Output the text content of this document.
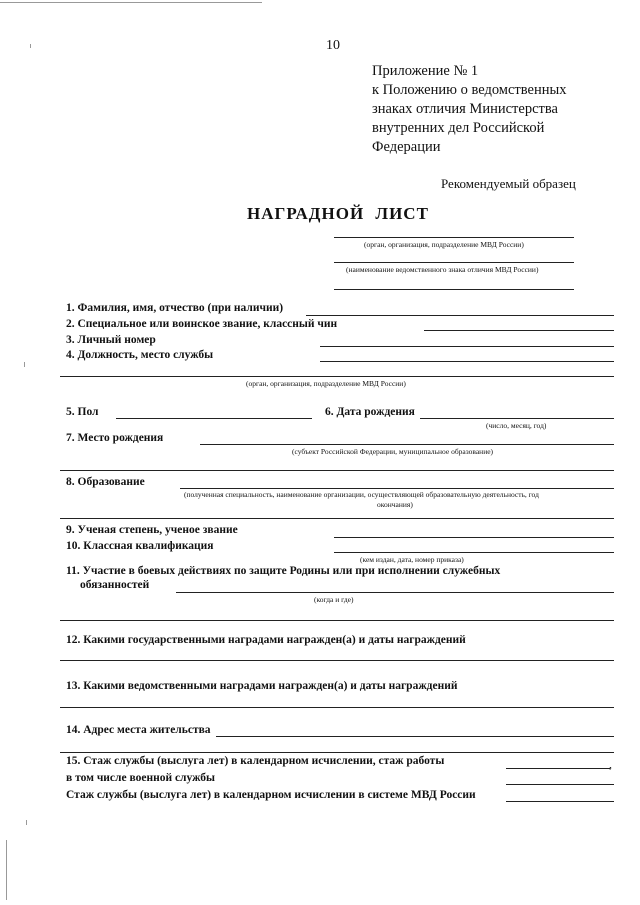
10
Приложение № 1
к Положению о ведомственных
знаках отличия Министерства
внутренних дел Российской
Федерации
Рекомендуемый образец
НАГРАДНОЙ ЛИСТ
(орган, организация, подразделение МВД России)
(наименование ведомственного знака отличия МВД России)
1. Фамилия, имя, отчество (при наличии)
2. Специальное или воинское звание, классный чин
3. Личный номер
4. Должность, место службы
(орган, организация, подразделение МВД России)
5. Пол	6. Дата рождения
(число, месяц, год)
7. Место рождения
(субъект Российской Федерации, муниципальное образование)
8. Образование
(полученная специальность, наименование организации, осуществляющей образовательную деятельность, год
окончания)
9. Ученая степень, ученое звание
10. Классная квалификация
(кем издан, дата, номер приказа)
11. Участие в боевых действиях по защите Родины или при исполнении служебных
обязанностей
(когда и где)
12. Какими государственными наградами награжден(а) и даты награждений
13. Какими ведомственными наградами награжден(а) и даты награждений
14. Адрес места жительства
15. Стаж службы (выслуга лет) в календарном исчислении, стаж работы	,
в том числе военной службы
Стаж службы (выслуга лет) в календарном исчислении в системе МВД России
